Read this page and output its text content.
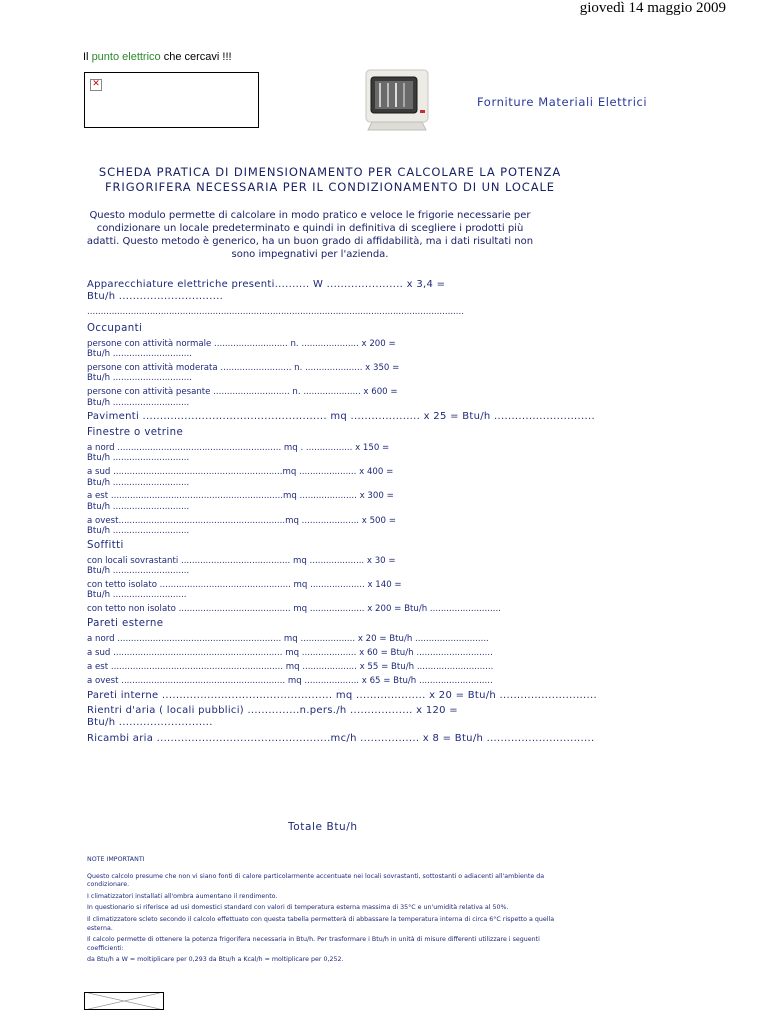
giovedì 14 maggio 2009
Il punto elettrico che cercavi !!!
✕
Forniture Materiali Elettrici
SCHEDA PRATICA DI DIMENSIONAMENTO PER CALCOLARE LA POTENZA
FRIGORIFERA NECESSARIA PER IL CONDIZIONAMENTO DI UN LOCALE
Questo modulo permette di calcolare in modo pratico e veloce le frigorie necessarie per condizionare un locale predeterminato e quindi in definitiva di scegliere i prodotti più adatti. Questo metodo è generico, ha un buon grado di affidabilità, ma i dati risultati non sono impegnativi per l'azienda.
Apparecchiature elettriche presenti.......... W ...................... x 3,4 =
Btu/h ..............................
..........................................................................................................................................
Occupanti
persone con attività normale ........................... n. ..................... x 200 =
Btu/h .............................
persone con attività moderata .......................... n. ..................... x 350 =
Btu/h .............................
persone con attività pesante ............................ n. ..................... x 600 =
Btu/h ............................
Pavimenti ..................................................... mq .................... x 25 = Btu/h .............................
Finestre o vetrine
a nord ............................................................ mq . ................. x 150 =
Btu/h ............................
a sud ..............................................................mq ..................... x 400 =
Btu/h ............................
a est ...............................................................mq ..................... x 300 =
Btu/h ............................
a ovest.............................................................mq ..................... x 500 =
Btu/h ............................
Soffitti
con locali sovrastanti ........................................ mq .................... x 30 =
Btu/h ............................
con tetto isolato ................................................ mq .................... x 140 =
Btu/h ...........................
con tetto non isolato ......................................... mq .................... x 200 = Btu/h ..........................
Pareti esterne
a nord ............................................................ mq .................... x 20 = Btu/h ...........................
a sud .............................................................. mq .................... x 60 = Btu/h ............................
a est ............................................................... mq .................... x 55 = Btu/h ............................
a ovest ............................................................ mq .................... x 65 = Btu/h ...........................
Pareti interne ................................................. mq .................... x 20 = Btu/h ............................
Rientri d'aria ( locali pubblici) ...............n.pers./h .................. x 120 =
Btu/h ...........................
Ricambi aria ..................................................mc/h ................. x 8 = Btu/h ...............................
Totale Btu/h

NOTE IMPORTANTI

Questo calcolo presume che non vi siano fonti di calore particolarmente accentuate nei locali sovrastanti, sottostanti o adiacenti all'ambiente da condizionare.

I climatizzatori installati all'ombra aumentano il rendimento.

In questionario si riferisce ad usi domestici standard con valori di temperatura esterna massima di 35°C e un'umidità relativa al 50%.

Il climatizzatore scleto secondo il calcolo effettuato con questa tabella permetterà di abbassare la temperatura interna di circa 6°C rispetto a quella esterna.

Il calcolo permette di ottenere la potenza frigorifera necessaria in Btu/h. Per trasformare i Btu/h in unità di misure differenti utilizzare i seguenti coefficienti:

da Btu/h a W = moltiplicare per 0,293 da Btu/h a Kcal/h = moltiplicare per 0,252.
